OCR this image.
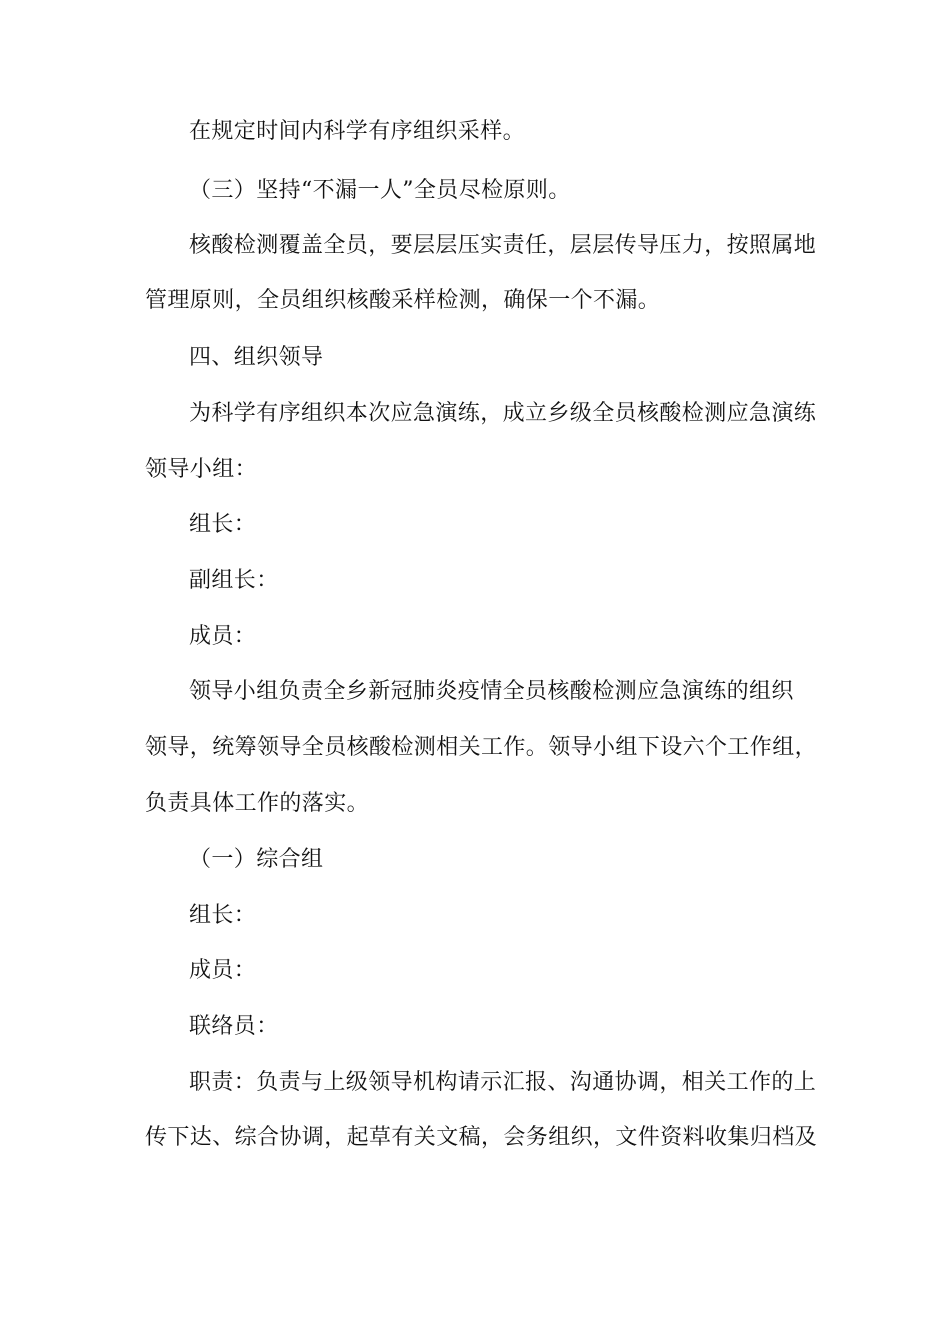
在规定时间内科学有序组织采样。
（三）坚持“不漏一人”全员尽检原则。
核酸检测覆盖全员，要层层压实责任，层层传导压力，按照属地
管理原则，全员组织核酸采样检测，确保一个不漏。
四、组织领导
为科学有序组织本次应急演练，成立乡级全员核酸检测应急演练
领导小组：
组长：
副组长：
成员：
领导小组负责全乡新冠肺炎疫情全员核酸检测应急演练的组织
领导，统筹领导全员核酸检测相关工作。领导小组下设六个工作组，
负责具体工作的落实。
（一）综合组
组长：
成员：
联络员：
职责：负责与上级领导机构请示汇报、沟通协调，相关工作的上
传下达、综合协调，起草有关文稿，会务组织，文件资料收集归档及
